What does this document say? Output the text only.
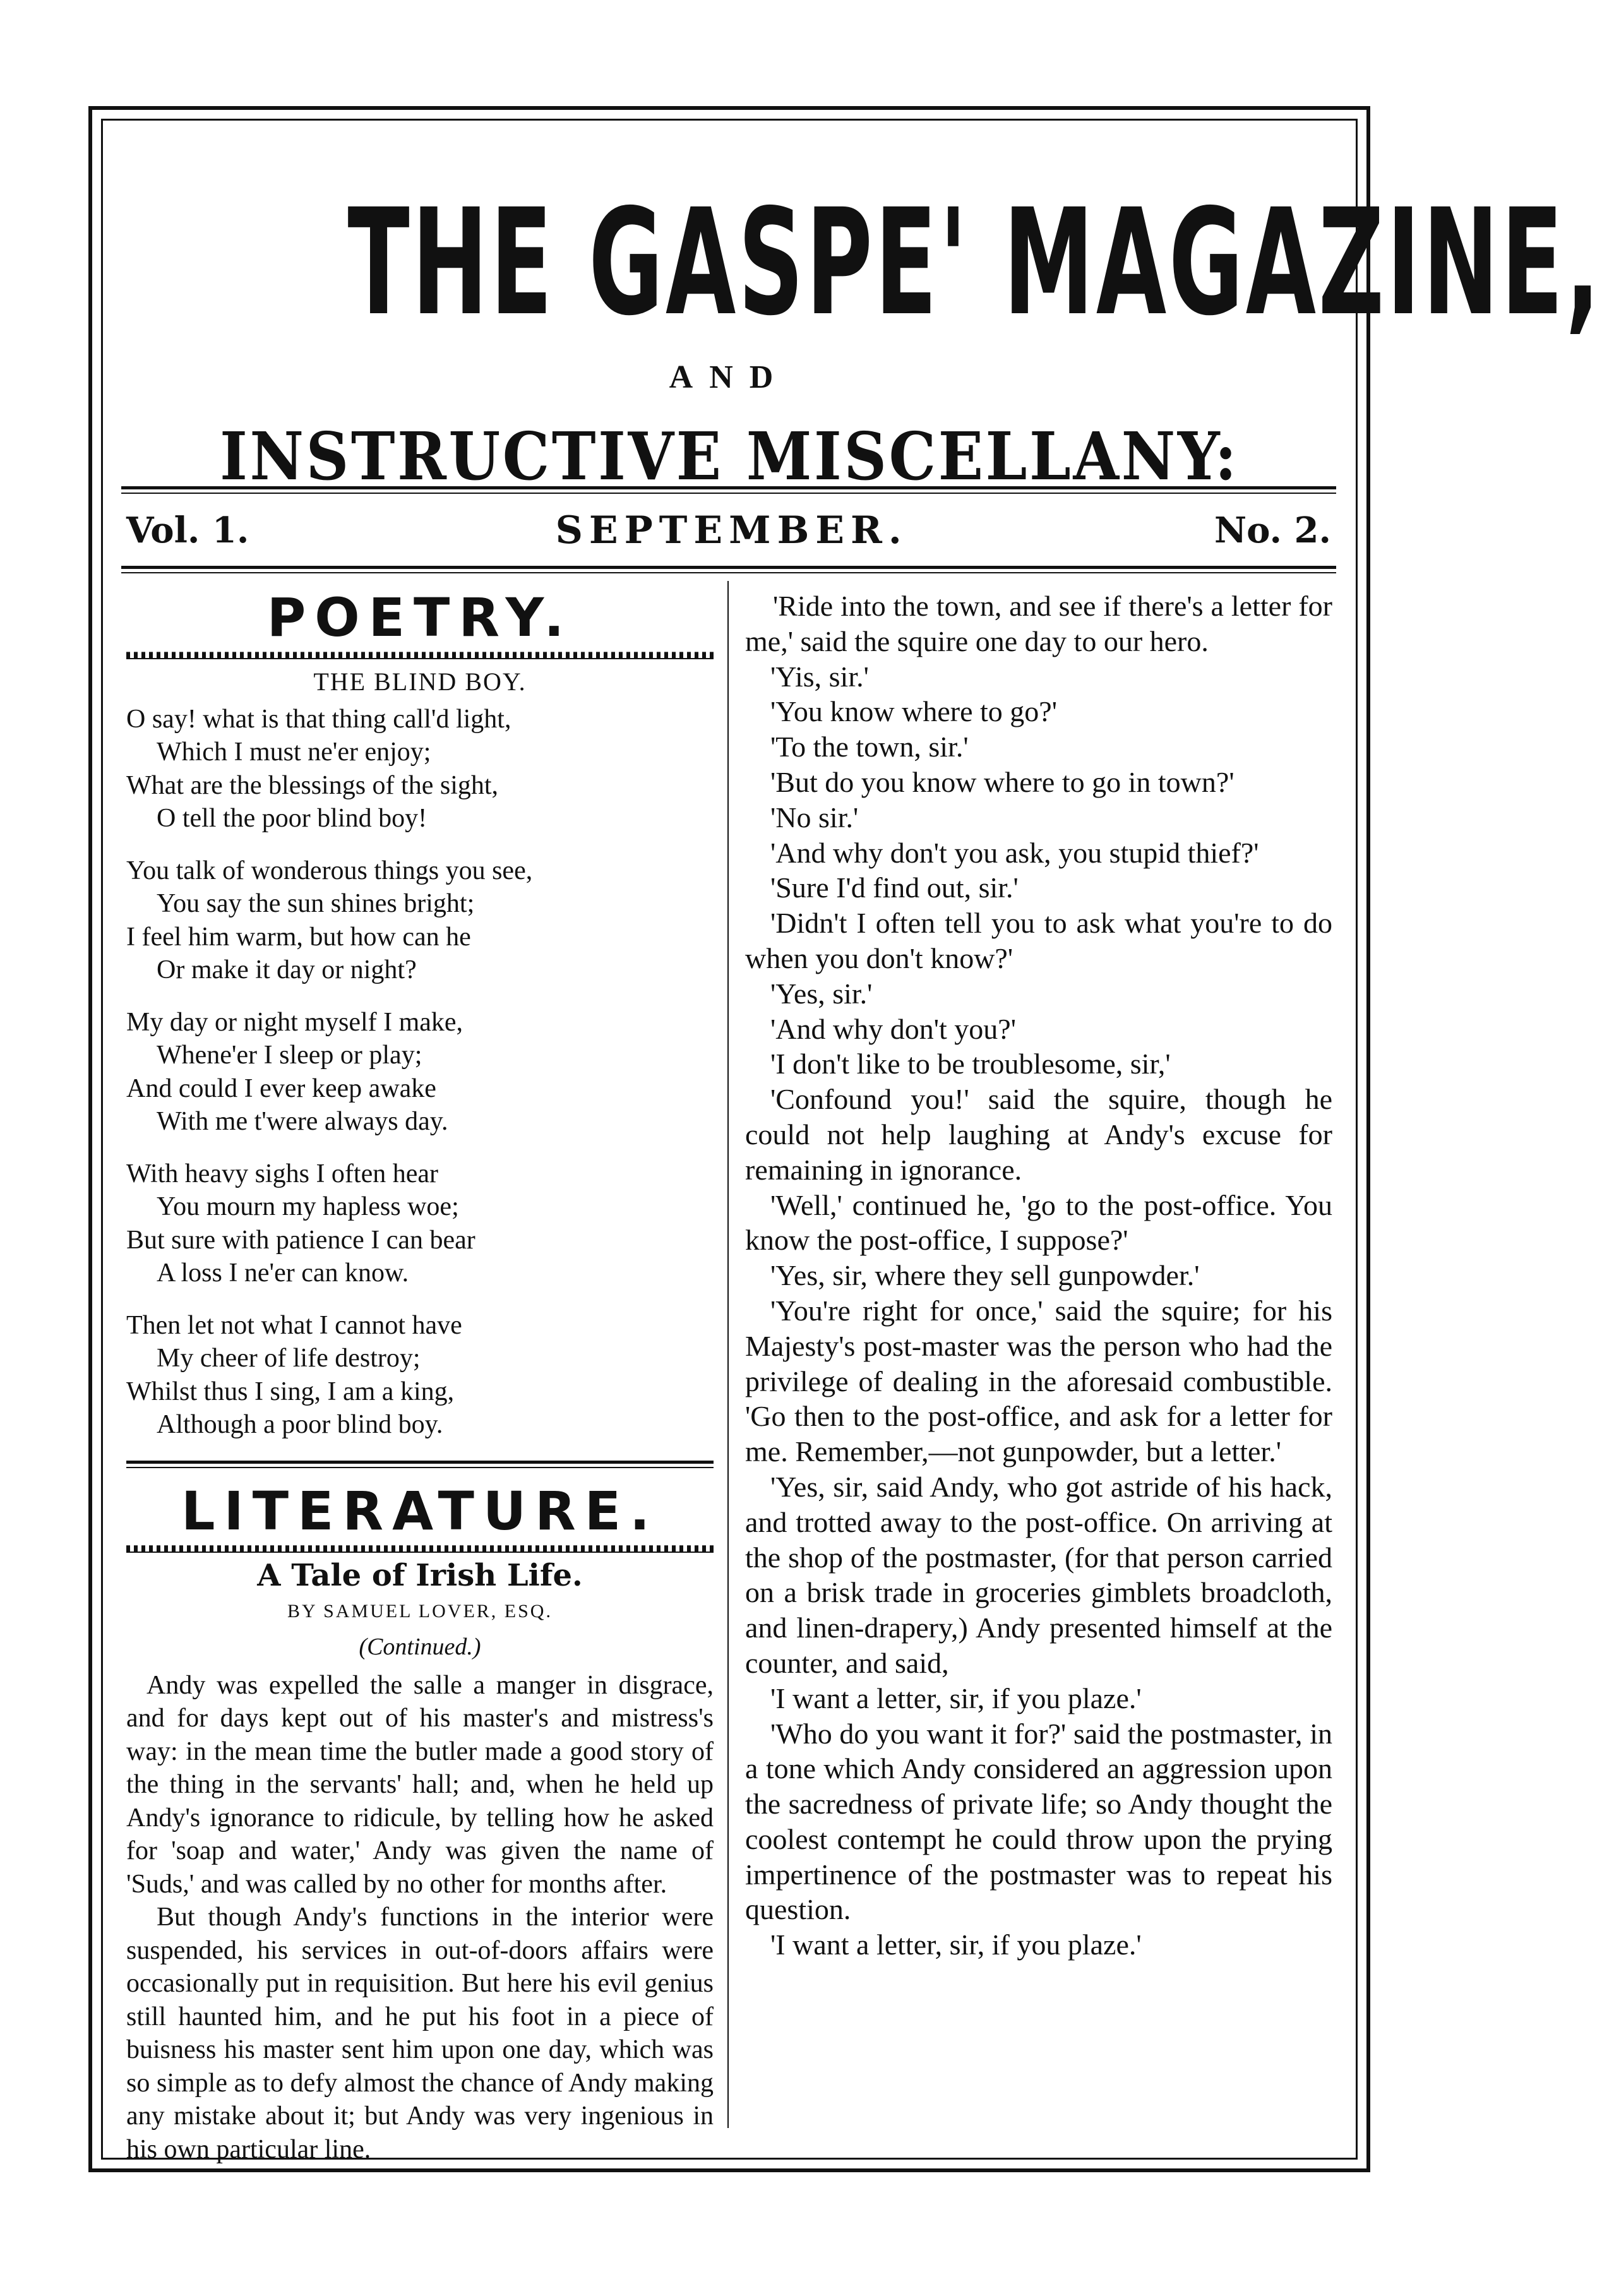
THE GASPE' MAGAZINE,
AND
INSTRUCTIVE MISCELLANY:
Vol. 1.	SEPTEMBER.	No. 2.
POETRY.
THE BLIND BOY.
O say! what is that thing call'd light,
Which I must ne'er enjoy;
What are the blessings of the sight,
O tell the poor blind boy!
You talk of wonderous things you see,
You say the sun shines bright;
I feel him warm, but how can he
Or make it day or night?
My day or night myself I make,
Whene'er I sleep or play;
And could I ever keep awake
With me t'were always day.
With heavy sighs I often hear
You mourn my hapless woe;
But sure with patience I can bear
A loss I ne'er can know.
Then let not what I cannot have
My cheer of life destroy;
Whilst thus I sing, I am a king,
Although a poor blind boy.
LITERATURE.
A Tale of Irish Life.
BY SAMUEL LOVER, ESQ.
(Continued.)

Andy was expelled the salle a manger in disgrace, and for days kept out of his master's and mistress's way: in the mean time the butler made a good story of the thing in the servants' hall; and, when he held up Andy's ignorance to ridicule, by telling how he asked for 'soap and water,' Andy was given the name of 'Suds,' and was called by no other for months after.

But though Andy's functions in the interior were suspended, his services in out-of-doors affairs were occasionally put in requisition. But here his evil genius still haunted him, and he put his foot in a piece of buisness his master sent him upon one day, which was so simple as to defy almost the chance of Andy making any mistake about it; but Andy was very ingenious in his own particular line.

'Ride into the town, and see if there's a letter for me,' said the squire one day to our hero.

'Yis, sir.'

'You know where to go?'

'To the town, sir.'

'But do you know where to go in town?'

'No sir.'

'And why don't you ask, you stupid thief?'

'Sure I'd find out, sir.'

'Didn't I often tell you to ask what you're to do when you don't know?'

'Yes, sir.'

'And why don't you?'

'I don't like to be troublesome, sir,'

'Confound you!' said the squire, though he could not help laughing at Andy's excuse for remaining in ignorance.

'Well,' continued he, 'go to the post-office. You know the post-office, I suppose?'

'Yes, sir, where they sell gunpowder.'

'You're right for once,' said the squire; for his Majesty's post-master was the person who had the privilege of dealing in the aforesaid combustible. 'Go then to the post-office, and ask for a letter for me. Remember,—not gunpowder, but a letter.'

'Yes, sir, said Andy, who got astride of his hack, and trotted away to the post-office. On arriving at the shop of the postmaster, (for that person carried on a brisk trade in groceries gimblets broadcloth, and linen-drapery,) Andy presented himself at the counter, and said,

'I want a letter, sir, if you plaze.'

'Who do you want it for?' said the postmaster, in a tone which Andy considered an aggression upon the sacredness of private life; so Andy thought the coolest contempt he could throw upon the prying impertinence of the postmaster was to repeat his question.

'I want a letter, sir, if you plaze.'
